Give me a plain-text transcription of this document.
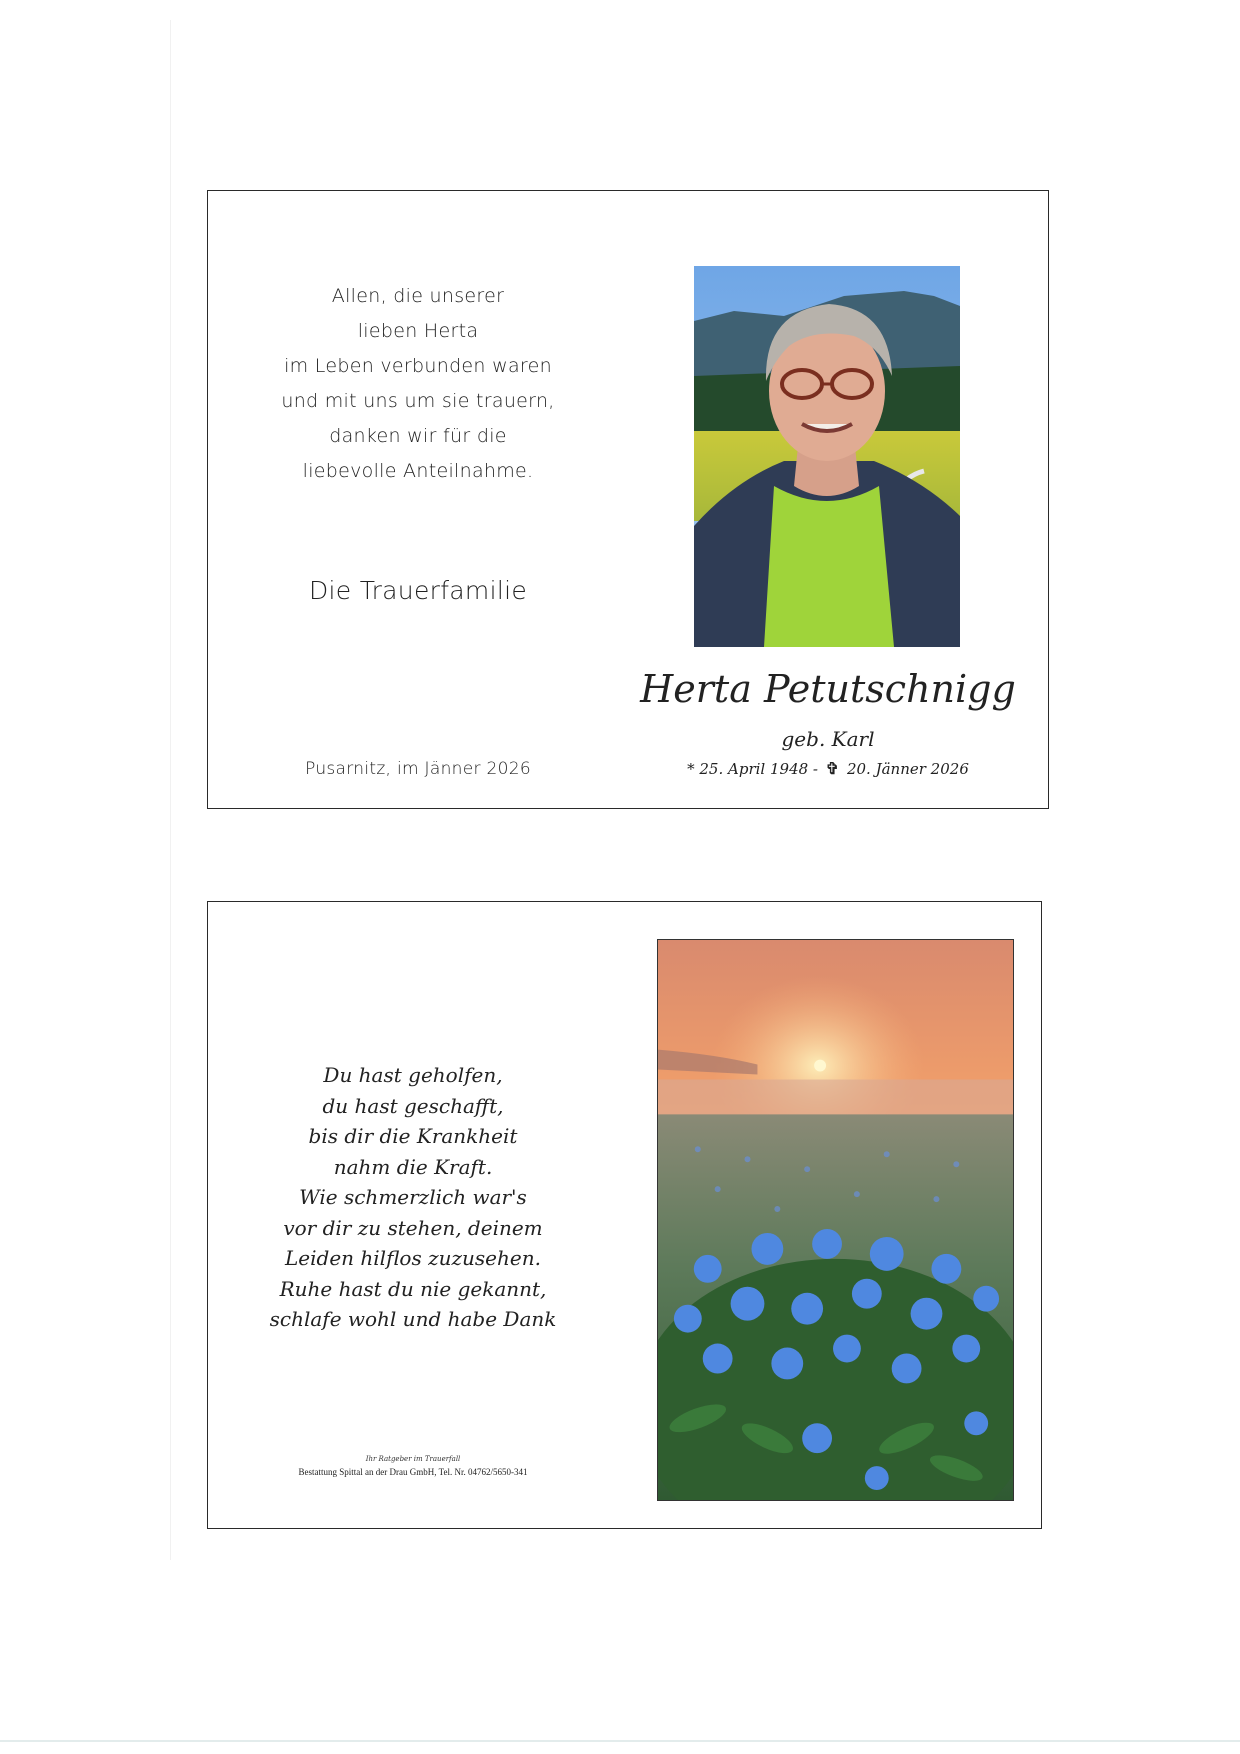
Allen, die unserer
lieben Herta
im Leben verbunden waren
und mit uns um sie trauern,
danken wir für die
liebevolle Anteilnahme.
Die Trauerfamilie
Pusarnitz, im Jänner 2026
Herta Petutschnigg
geb. Karl
* 25. April 1948 - ✞ 20. Jänner 2026
Du hast geholfen,
du hast geschafft,
bis dir die Krankheit
nahm die Kraft.
Wie schmerzlich war's
vor dir zu stehen, deinem
Leiden hilflos zuzusehen.
Ruhe hast du nie gekannt,
schlafe wohl und habe Dank
Ihr Ratgeber im Trauerfall
Bestattung Spittal an der Drau GmbH, Tel. Nr. 04762/5650-341
